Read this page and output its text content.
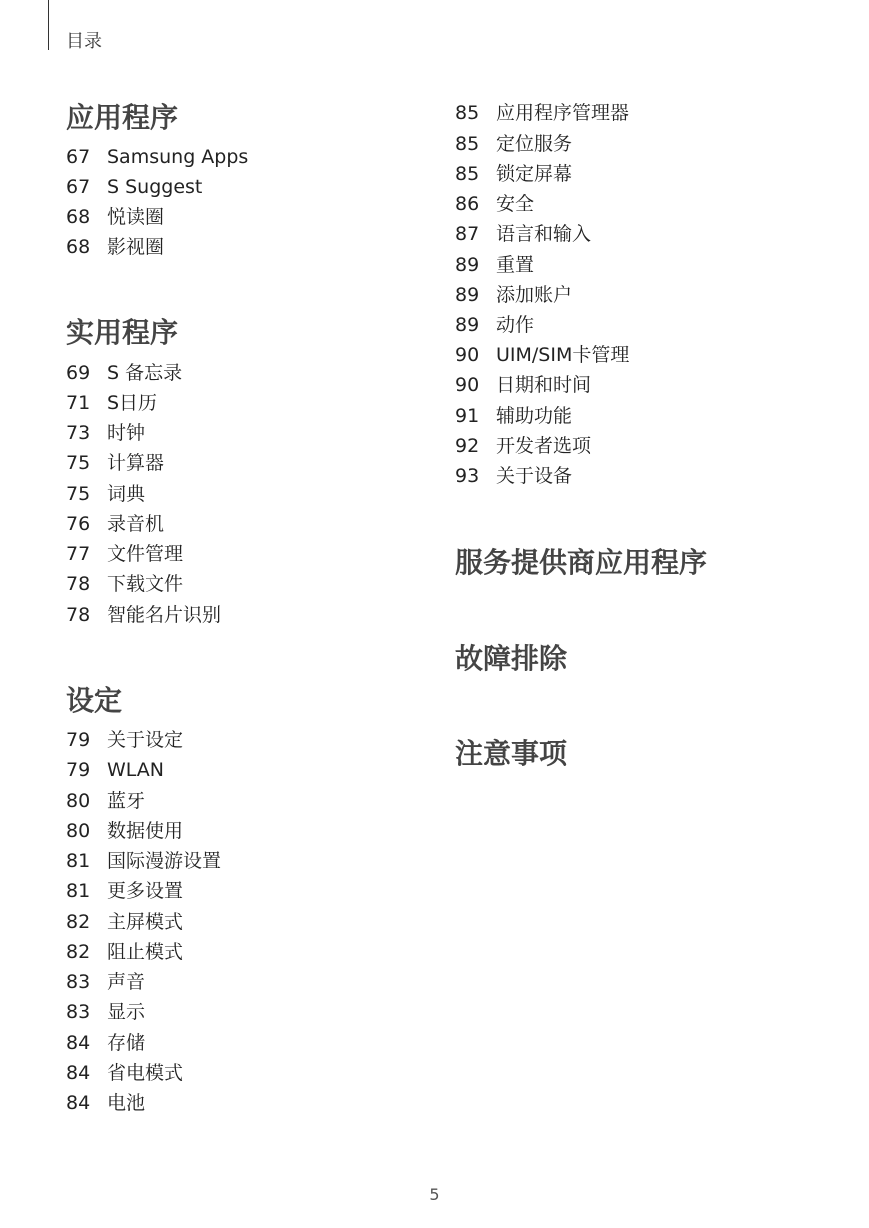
目录
应用程序
67 Samsung Apps
67 S Suggest
68 悦读圈
68 影视圈
实用程序
69 S 备忘录
71 S日历
73 时钟
75 计算器
75 词典
76 录音机
77 文件管理
78 下载文件
78 智能名片识别
设定
79 关于设定
79 WLAN
80 蓝牙
80 数据使用
81 国际漫游设置
81 更多设置
82 主屏模式
82 阻止模式
83 声音
83 显示
84 存储
84 省电模式
84 电池
85 应用程序管理器
85 定位服务
85 锁定屏幕
86 安全
87 语言和输入
89 重置
89 添加账户
89 动作
90 UIM/SIM卡管理
90 日期和时间
91 辅助功能
92 开发者选项
93 关于设备
服务提供商应用程序
故障排除
注意事项
5
